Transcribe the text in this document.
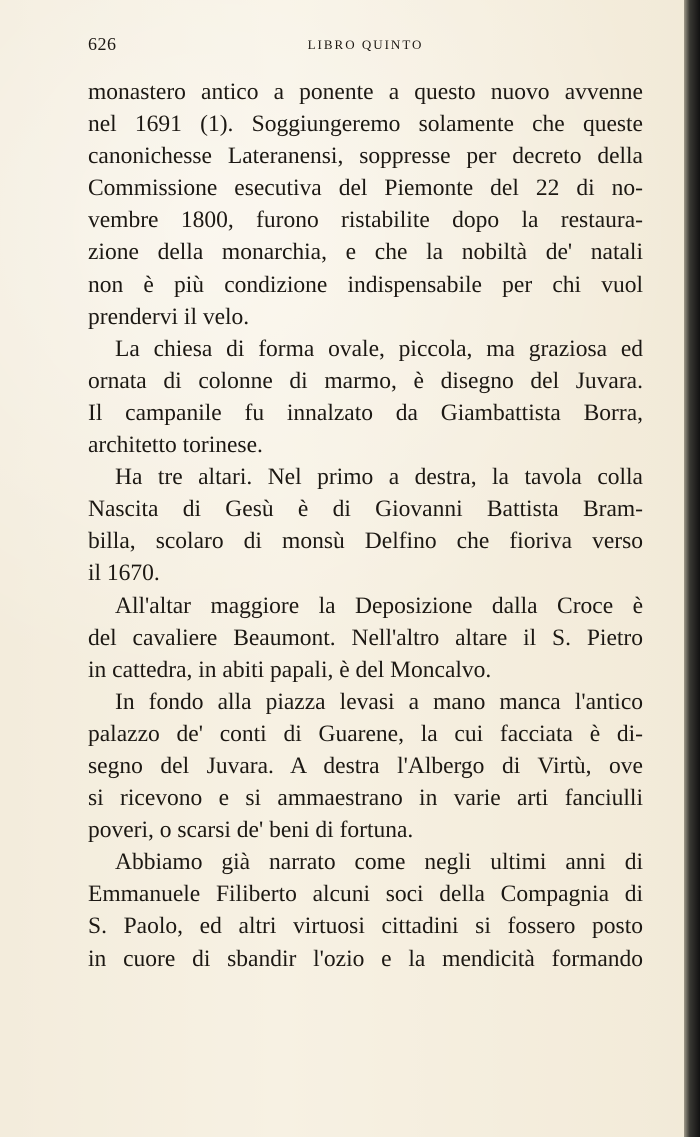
626	LIBRO QUINTO
monastero antico a ponente a questo nuovo avvenne
nel 1691 (1). Soggiungeremo solamente che queste
canonichesse Lateranensi, soppresse per decreto della
Commissione esecutiva del Piemonte del 22 di no-
vembre 1800, furono ristabilite dopo la restaura-
zione della monarchia, e che la nobiltà de' natali
non è più condizione indispensabile per chi vuol
prendervi il velo.
La chiesa di forma ovale, piccola, ma graziosa ed
ornata di colonne di marmo, è disegno del Juvara.
Il campanile fu innalzato da Giambattista Borra,
architetto torinese.
Ha tre altari. Nel primo a destra, la tavola colla
Nascita di Gesù è di Giovanni Battista Bram-
billa, scolaro di monsù Delfino che fioriva verso
il 1670.
All'altar maggiore la Deposizione dalla Croce è
del cavaliere Beaumont. Nell'altro altare il S. Pietro
in cattedra, in abiti papali, è del Moncalvo.
In fondo alla piazza levasi a mano manca l'antico
palazzo de' conti di Guarene, la cui facciata è di-
segno del Juvara. A destra l'Albergo di Virtù, ove
si ricevono e si ammaestrano in varie arti fanciulli
poveri, o scarsi de' beni di fortuna.
Abbiamo già narrato come negli ultimi anni di
Emmanuele Filiberto alcuni soci della Compagnia di
S. Paolo, ed altri virtuosi cittadini si fossero posto
in cuore di sbandir l'ozio e la mendicità formando
